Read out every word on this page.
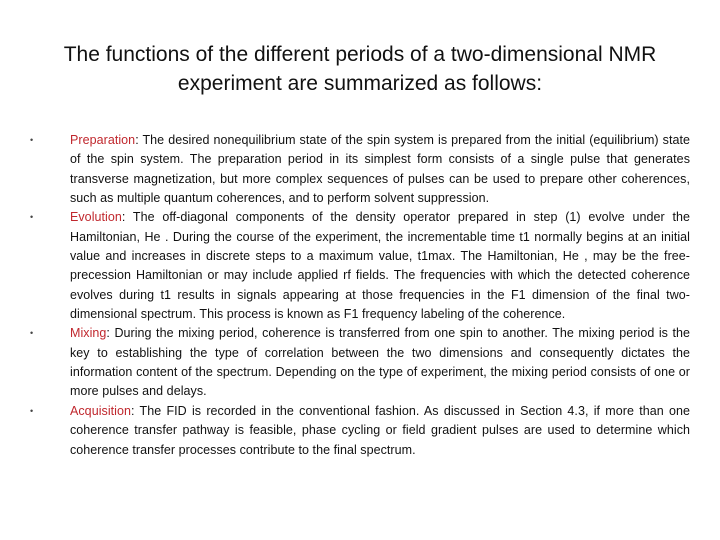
The functions of the different periods of a two-dimensional NMR experiment are summarized as follows:
•	Preparation: The desired nonequilibrium state of the spin system is prepared from the initial (equilibrium) state of the spin system. The preparation period in its simplest form consists of a single pulse that generates transverse magnetization, but more complex sequences of pulses can be used to prepare other coherences, such as multiple quantum coherences, and to perform solvent suppression.
•	Evolution: The off-diagonal components of the density operator prepared in step (1) evolve under the Hamiltonian, He . During the course of the experiment, the incrementable time t1 normally begins at an initial value and increases in discrete steps to a maximum value, t1max. The Hamiltonian, He , may be the free-precession Hamiltonian or may include applied rf fields. The frequencies with which the detected coherence evolves during t1 results in signals appearing at those frequencies in the F1 dimension of the final two-dimensional spectrum. This process is known as F1 frequency labeling of the coherence.
•	Mixing: During the mixing period, coherence is transferred from one spin to another. The mixing period is the key to establishing the type of correlation between the two dimensions and consequently dictates the information content of the spectrum. Depending on the type of experiment, the mixing period consists of one or more pulses and delays.
•	Acquisition: The FID is recorded in the conventional fashion. As discussed in Section 4.3, if more than one coherence transfer pathway is feasible, phase cycling or field gradient pulses are used to determine which coherence transfer processes contribute to the final spectrum.
